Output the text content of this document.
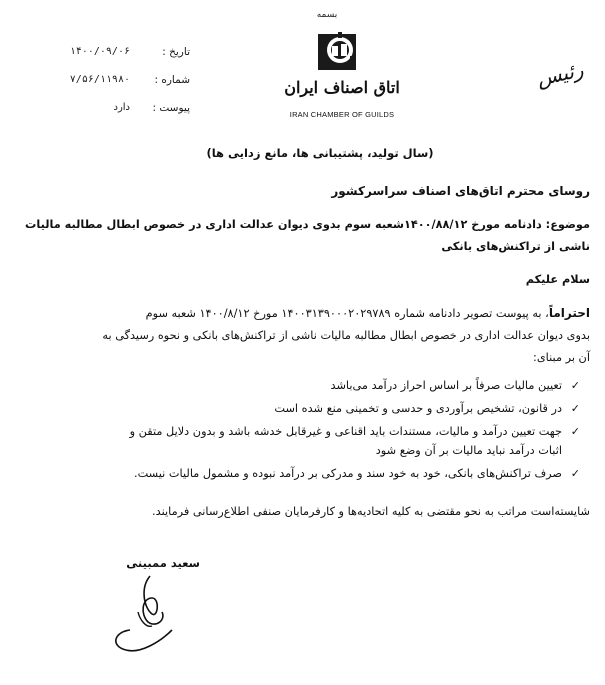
بسمه
اتاق اصناف ایران
IRAN CHAMBER OF GUILDS
تاریخ :
۱۴۰۰/۰۹/۰۶
شماره :
۷/۵۶/۱۱۹۸۰
پیوست :
دارد
رئیس
(سال تولید، پشتیبانی ها، مانع زدایی ها)
روسای محترم اتاق‌های اصناف سراسرکشور
موضوع: دادنامه مورخ ۱۴۰۰/۸۸/۱۲شعبه سوم بدوی دیوان عدالت اداری در خصوص ابطال مطالبه مالیات
ناشی از تراکنش‌های بانکی
سلام علیکم
احتراماً، به پیوست تصویر دادنامه شماره ۱۴۰۰۳۱۳۹۰۰۰۲۰۲۹۷۸۹ مورخ ۱۴۰۰/۸/۱۲ شعبه سوم
بدوی دیوان عدالت اداری در خصوص ابطال مطالبه مالیات ناشی از تراکنش‌های بانکی و نحوه رسیدگی به
آن بر مبنای:
✓
تعیین مالیات صرفاً بر اساس احراز درآمد می‌باشد
✓
در قانون، تشخیص برآوردی و حدسی و تخمینی منع شده است
✓
جهت تعیین درآمد و مالیات، مستندات باید اقناعی و غیرقابل خدشه باشد و بدون دلایل متقن و
اثبات درآمد نباید مالیات بر آن وضع شود
✓
صرف تراکنش‌های بانکی، خود به خود سند و مدرکی بر درآمد نبوده و مشمول مالیات نیست.
شایسته‌است مراتب به نحو مقتضی به کلیه اتحادیه‌ها و کارفرمایان صنفی اطلاع‌رسانی فرمایند.
سعید ممبینی
